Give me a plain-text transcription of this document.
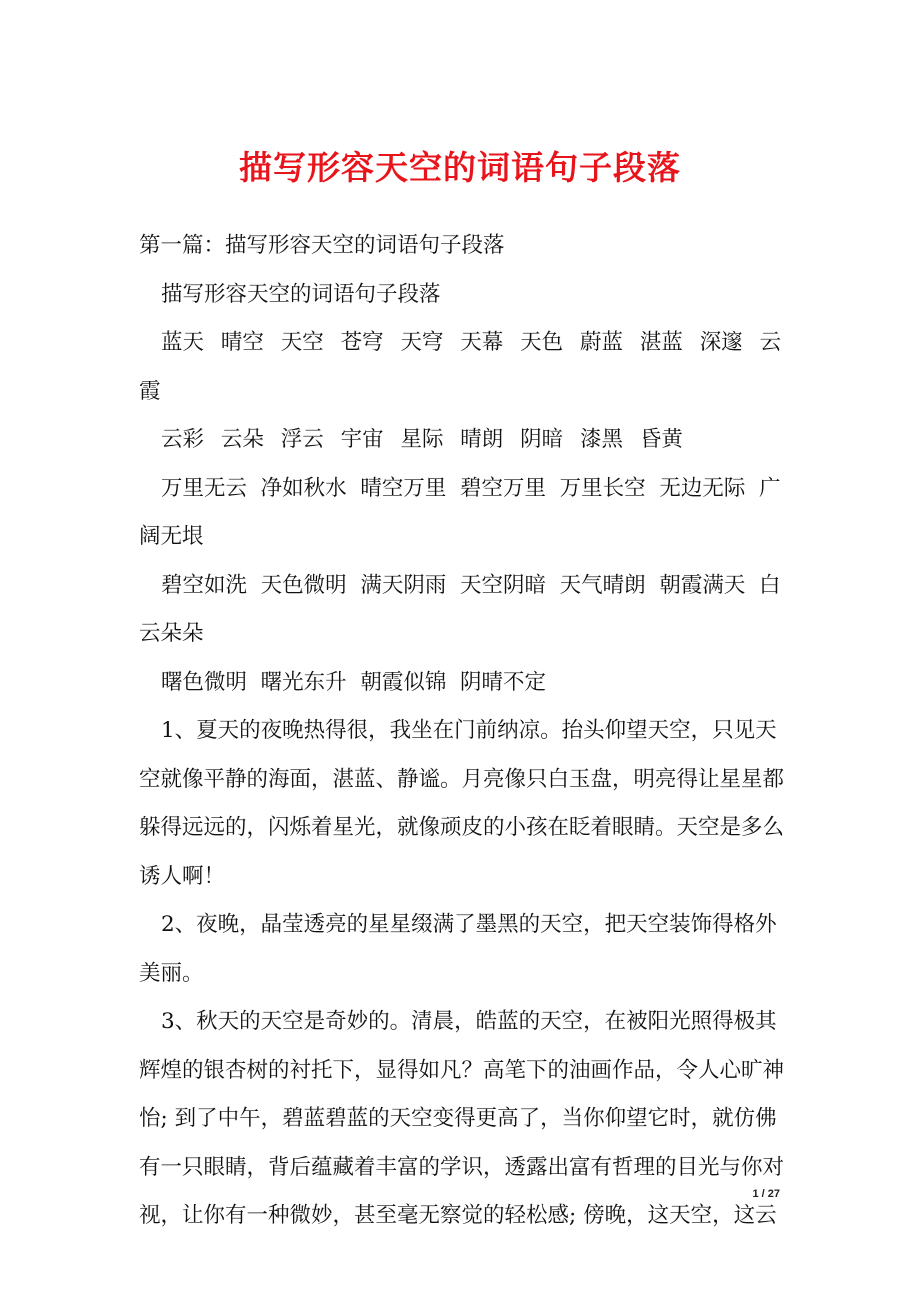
描写形容天空的词语句子段落

第一篇：描写形容天空的词语句子段落

描写形容天空的词语句子段落

蓝天 晴空 天空 苍穹 天穹 天幕 天色 蔚蓝 湛蓝 深邃 云霞

云彩 云朵 浮云 宇宙 星际 晴朗 阴暗 漆黑 昏黄

万里无云  净如秋水  晴空万里  碧空万里  万里长空  无边无际  广阔无垠

碧空如洗  天色微明  满天阴雨  天空阴暗  天气晴朗  朝霞满天  白云朵朵

曙色微明  曙光东升  朝霞似锦  阴晴不定

1、夏天的夜晚热得很，我坐在门前纳凉。抬头仰望天空，只见天空就像平静的海面，湛蓝、静谧。月亮像只白玉盘，明亮得让星星都躲得远远的，闪烁着星光，就像顽皮的小孩在眨着眼睛。天空是多么诱人啊！

2、夜晚，晶莹透亮的星星缀满了墨黑的天空，把天空装饰得格外美丽。

3、秋天的天空是奇妙的。清晨，皓蓝的天空，在被阳光照得极其辉煌的银杏树的衬托下，显得如凡？高笔下的油画作品，令人心旷神怡; 到了中午，碧蓝碧蓝的天空变得更高了，当你仰望它时，就仿佛有一只眼睛，背后蕴藏着丰富的学识，透露出富有哲理的目光与你对视，让你有一种微妙，甚至毫无察觉的轻松感; 傍晚，这天空，这云

1 / 27
